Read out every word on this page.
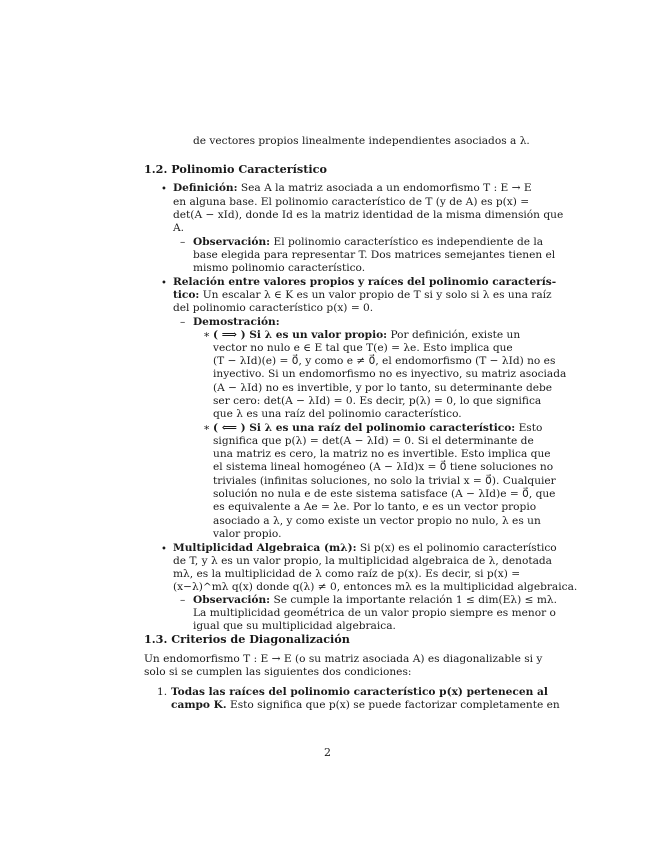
de vectores propios linealmente independientes asociados a λ.
1.2. Polinomio Característico
• Definición: Sea A la matriz asociada a un endomorfismo T : E → E
en alguna base. El polinomio característico de T (y de A) es p(x) =
det(A − xId), donde Id es la matriz identidad de la misma dimensión que
A.
– Observación: El polinomio característico es independiente de la
base elegida para representar T. Dos matrices semejantes tienen el
mismo polinomio característico.
• Relación entre valores propios y raíces del polinomio caracterís-
tico: Un escalar λ ∈ K es un valor propio de T si y solo si λ es una raíz
del polinomio característico p(x) = 0.
– Demostración:
∗ ( ⟹ ) Si λ es un valor propio: Por definición, existe un
vector no nulo e ∈ E tal que T(e) = λe. Esto implica que
(T − λId)(e) = 0⃗, y como e ≠ 0⃗, el endomorfismo (T − λId) no es
inyectivo. Si un endomorfismo no es inyectivo, su matriz asociada
(A − λId) no es invertible, y por lo tanto, su determinante debe
ser cero: det(A − λId) = 0. Es decir, p(λ) = 0, lo que significa
que λ es una raíz del polinomio característico.
∗ ( ⟸ ) Si λ es una raíz del polinomio característico: Esto
significa que p(λ) = det(A − λId) = 0. Si el determinante de
una matriz es cero, la matriz no es invertible. Esto implica que
el sistema lineal homogéneo (A − λId)x = 0⃗ tiene soluciones no
triviales (infinitas soluciones, no solo la trivial x = 0⃗). Cualquier
solución no nula e de este sistema satisface (A − λId)e = 0⃗, que
es equivalente a Ae = λe. Por lo tanto, e es un vector propio
asociado a λ, y como existe un vector propio no nulo, λ es un
valor propio.
• Multiplicidad Algebraica (mλ): Si p(x) es el polinomio característico
de T, y λ es un valor propio, la multiplicidad algebraica de λ, denotada
mλ, es la multiplicidad de λ como raíz de p(x). Es decir, si p(x) =
(x−λ)^mλ q(x) donde q(λ) ≠ 0, entonces mλ es la multiplicidad algebraica.
– Observación: Se cumple la importante relación 1 ≤ dim(Eλ) ≤ mλ.
La multiplicidad geométrica de un valor propio siempre es menor o
igual que su multiplicidad algebraica.
1.3. Criterios de Diagonalización
Un endomorfismo T : E → E (o su matriz asociada A) es diagonalizable si y
solo si se cumplen las siguientes dos condiciones:
1. Todas las raíces del polinomio característico p(x) pertenecen al
campo K. Esto significa que p(x) se puede factorizar completamente en
2
